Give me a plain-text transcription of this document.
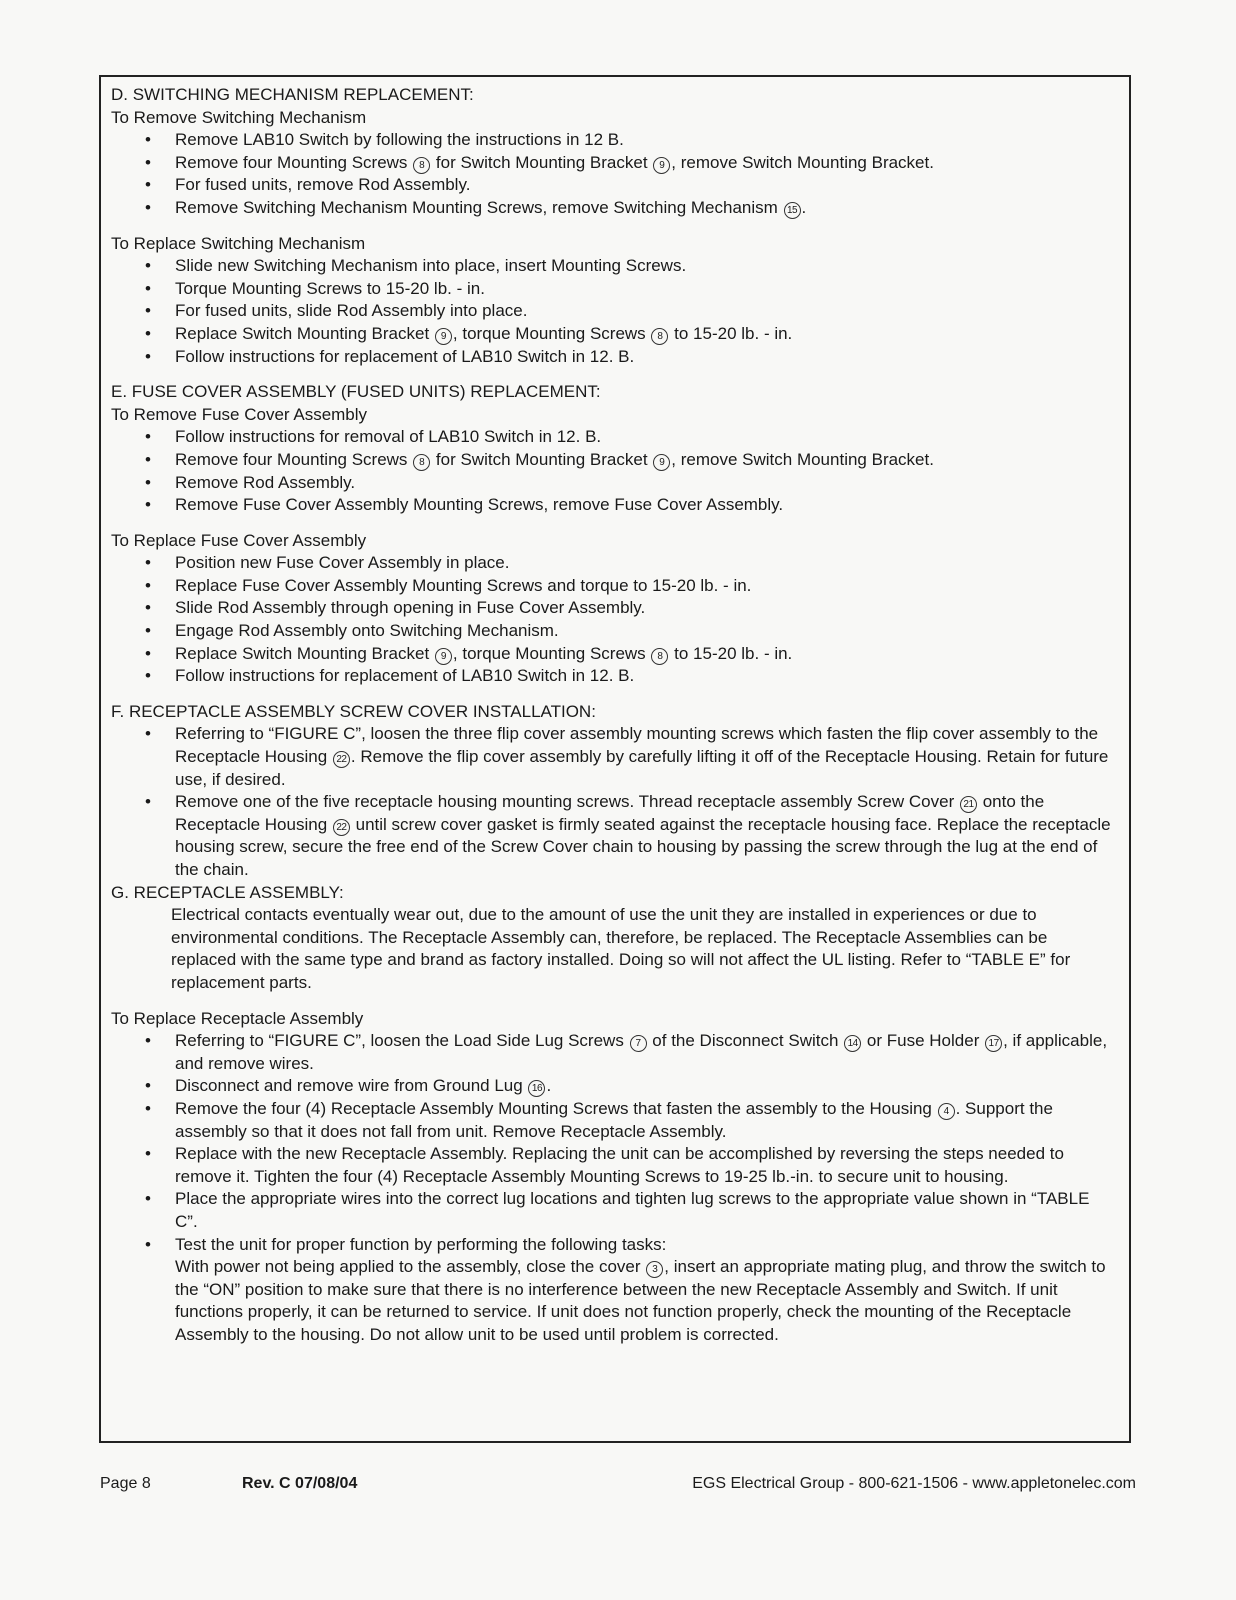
D. SWITCHING MECHANISM REPLACEMENT:

To Remove Switching Mechanism

• Remove LAB10 Switch by following the instructions in 12 B.
• Remove four Mounting Screws 8 for Switch Mounting Bracket 9 , remove Switch Mounting Bracket.
• For fused units, remove Rod Assembly.
• Remove Switching Mechanism Mounting Screws, remove Switching Mechanism 15 .

To Replace Switching Mechanism

• Slide new Switching Mechanism into place, insert Mounting Screws.
• Torque Mounting Screws to 15-20 lb. - in.
• For fused units, slide Rod Assembly into place.
• Replace Switch Mounting Bracket 9 , torque Mounting Screws 8 to 15-20 lb. - in.
• Follow instructions for replacement of LAB10 Switch in 12. B.

E. FUSE COVER ASSEMBLY (FUSED UNITS) REPLACEMENT:

To Remove Fuse Cover Assembly

• Follow instructions for removal of LAB10 Switch in 12. B.
• Remove four Mounting Screws 8 for Switch Mounting Bracket 9 , remove Switch Mounting Bracket.
• Remove Rod Assembly.
• Remove Fuse Cover Assembly Mounting Screws, remove Fuse Cover Assembly.

To Replace Fuse Cover Assembly

• Position new Fuse Cover Assembly in place.
• Replace Fuse Cover Assembly Mounting Screws and torque to 15-20 lb. - in.
• Slide Rod Assembly through opening in Fuse Cover Assembly.
• Engage Rod Assembly onto Switching Mechanism.
• Replace Switch Mounting Bracket 9 , torque Mounting Screws 8 to 15-20 lb. - in.
• Follow instructions for replacement of LAB10 Switch in 12. B.

F. RECEPTACLE ASSEMBLY SCREW COVER INSTALLATION:

• Referring to “FIGURE C”, loosen the three flip cover assembly mounting screws which fasten the flip cover assembly to the Receptacle Housing 22 . Remove the flip cover assembly by carefully lifting it off of the Receptacle Housing. Retain for future use, if desired.
• Remove one of the five receptacle housing mounting screws. Thread receptacle assembly Screw Cover 21 onto the Receptacle Housing 22 until screw cover gasket is firmly seated against the receptacle housing face. Replace the receptacle housing screw, secure the free end of the Screw Cover chain to housing by passing the screw through the lug at the end of the chain.

G. RECEPTACLE ASSEMBLY:

Electrical contacts eventually wear out, due to the amount of use the unit they are installed in experiences or due to environmental conditions. The Receptacle Assembly can, therefore, be replaced. The Receptacle Assemblies can be replaced with the same type and brand as factory installed. Doing so will not affect the UL listing. Refer to “TABLE E” for replacement parts.

To Replace Receptacle Assembly

• Referring to “FIGURE C”, loosen the Load Side Lug Screws 7 of the Disconnect Switch 14 or Fuse Holder 17 , if applicable, and remove wires.
• Disconnect and remove wire from Ground Lug 16 .
• Remove the four (4) Receptacle Assembly Mounting Screws that fasten the assembly to the Housing 4 . Support the assembly so that it does not fall from unit. Remove Receptacle Assembly.
• Replace with the new Receptacle Assembly. Replacing the unit can be accomplished by reversing the steps needed to remove it. Tighten the four (4) Receptacle Assembly Mounting Screws to 19-25 lb.-in. to secure unit to housing.
• Place the appropriate wires into the correct lug locations and tighten lug screws to the appropriate value shown in “TABLE C”.
• Test the unit for proper function by performing the following tasks:
With power not being applied to the assembly, close the cover 3 , insert an appropriate mating plug, and throw the switch to the “ON” position to make sure that there is no interference between the new Receptacle Assembly and Switch. If unit functions properly, it can be returned to service. If unit does not function properly, check the mounting of the Receptacle Assembly to the housing. Do not allow unit to be used until problem is corrected.
Page 8	Rev. C 07/08/04	EGS Electrical Group - 800-621-1506 - www.appletonelec.com
